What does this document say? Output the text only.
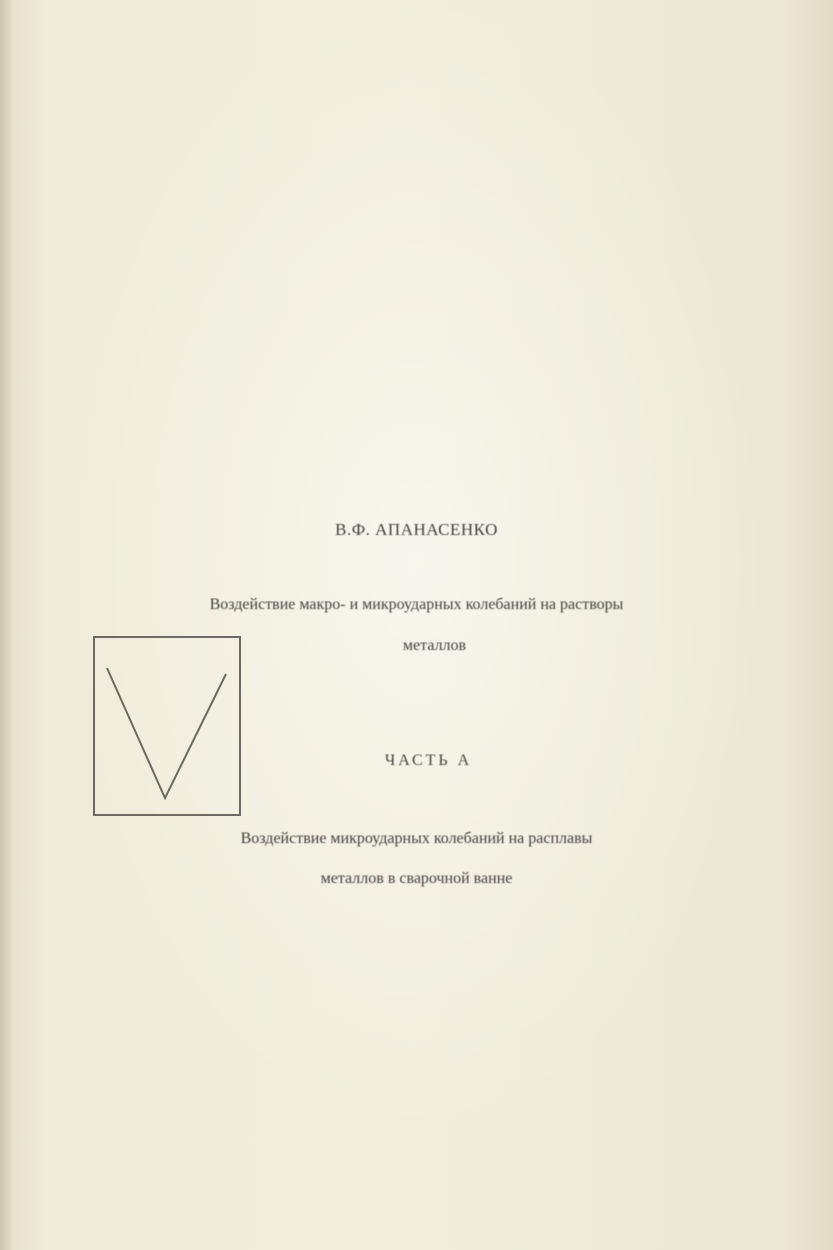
В.Ф. АПАНАСЕНКО
Воздействие макро- и микроударных колебаний на растворы
металлов
ЧАСТЬ А
Воздействие микроударных колебаний на расплавы
металлов в сварочной ванне
